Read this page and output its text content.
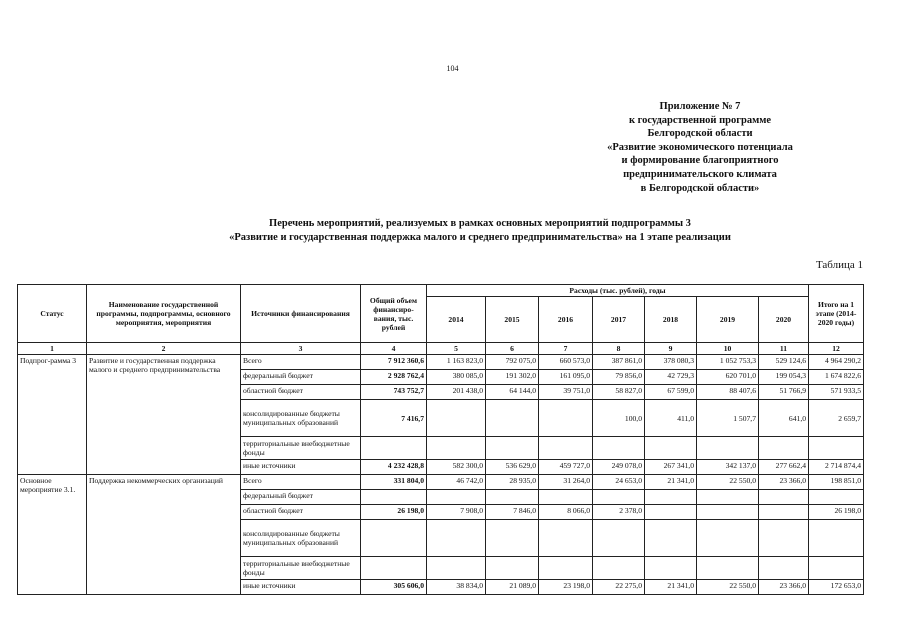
104
Приложение № 7
к государственной программе
Белгородской области
«Развитие экономического потенциала
и формирование благоприятного
предпринимательского климата
в Белгородской области»
Перечень мероприятий, реализуемых в рамках основных мероприятий подпрограммы 3
«Развитие и государственная поддержка малого и среднего предпринимательства» на 1 этапе реализации
Таблица 1
Статус	Наименование государственной программы, подпрограммы, основного мероприятия, мероприятия	Источники финансирования	Общий объем финансиро-вания, тыс. рублей	Расходы (тыс. рублей), годы							Итого на 1 этапе (2014-2020 годы)
				2014	2015	2016	2017	2018	2019	2020	
1	2	3	4	5	6	7	8	9	10	11	12
Подпрог-рамма 3	Развитие и государственная поддержка малого и среднего предпринимательства	Всего	7 912 360,6	1 163 823,0	792 075,0	660 573,0	387 861,0	378 080,3	1 052 753,3	529 124,6	4 964 290,2
		федеральный бюджет	2 928 762,4	380 085,0	191 302,0	161 095,0	79 856,0	42 729,3	620 701,0	199 054,3	1 674 822,6
		областной бюджет	743 752,7	201 438,0	64 144,0	39 751,0	58 827,0	67 599,0	88 407,6	51 766,9	571 933,5
		консолидированные бюджеты муниципальных образований	7 416,7				100,0	411,0	1 507,7	641,0	2 659,7
		территориальные внебюджетные фонды									
		иные источники	4 232 428,8	582 300,0	536 629,0	459 727,0	249 078,0	267 341,0	342 137,0	277 662,4	2 714 874,4
Основное мероприятие 3.1.	Поддержка некоммерческих организаций	Всего	331 804,0	46 742,0	28 935,0	31 264,0	24 653,0	21 341,0	22 550,0	23 366,0	198 851,0
		федеральный бюджет									
		областной бюджет	26 198,0	7 908,0	7 846,0	8 066,0	2 378,0				26 198,0
		консолидированные бюджеты муниципальных образований									
		территориальные внебюджетные фонды									
		иные источники	305 606,0	38 834,0	21 089,0	23 198,0	22 275,0	21 341,0	22 550,0	23 366,0	172 653,0
